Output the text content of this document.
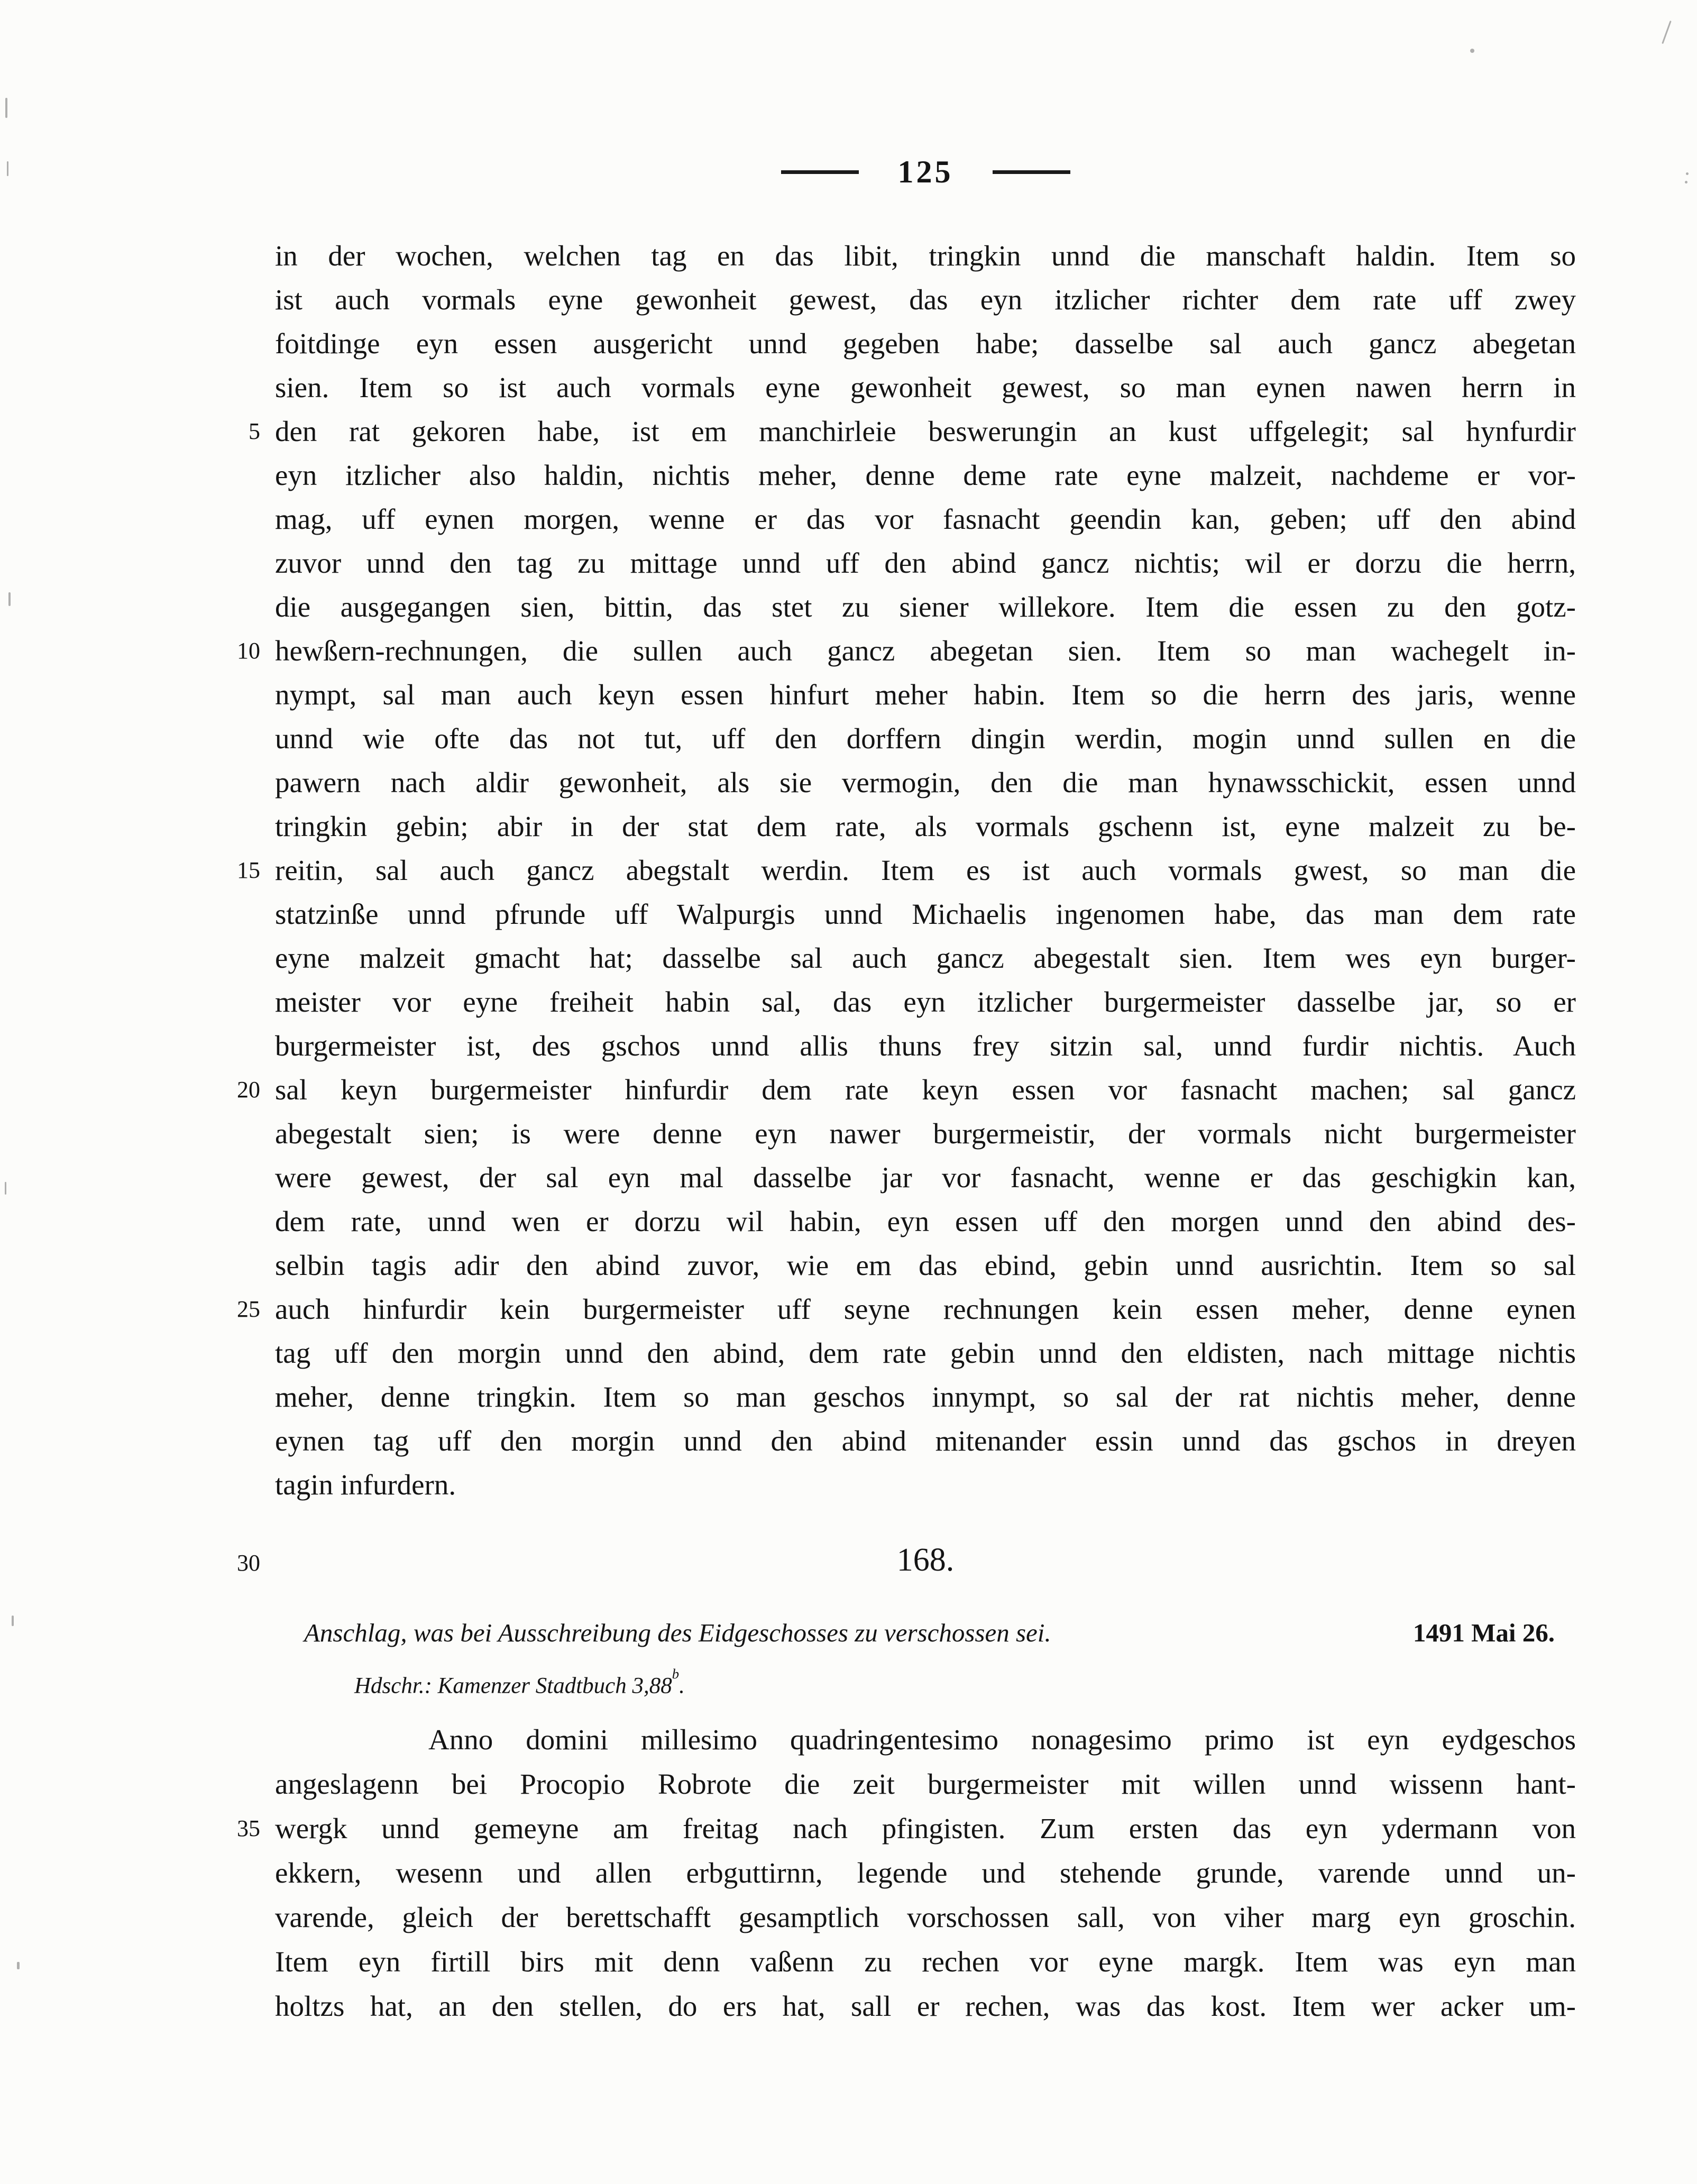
125
in der wochen, welchen tag en das libit, tringkin unnd die manschaft haldin. Item so
ist auch vormals eyne gewonheit gewest, das eyn itzlicher richter dem rate uff zwey
foitdinge eyn essen ausgericht unnd gegeben habe; dasselbe sal auch gancz abegetan
sien. Item so ist auch vormals eyne gewonheit gewest, so man eynen nawen herrn in
5 den rat gekoren habe, ist em manchirleie beswerungin an kust uffgelegit; sal hynfurdir
eyn itzlicher also haldin, nichtis meher, denne deme rate eyne malzeit, nachdeme er vor-
mag, uff eynen morgen, wenne er das vor fasnacht geendin kan, geben; uff den abind
zuvor unnd den tag zu mittage unnd uff den abind gancz nichtis; wil er dorzu die herrn,
die ausgegangen sien, bittin, das stet zu siener willekore. Item die essen zu den gotz-
10 hewßern-rechnungen, die sullen auch gancz abegetan sien. Item so man wachegelt in-
nympt, sal man auch keyn essen hinfurt meher habin. Item so die herrn des jaris, wenne
unnd wie ofte das not tut, uff den dorffern dingin werdin, mogin unnd sullen en die
pawern nach aldir gewonheit, als sie vermogin, den die man hynawsschickit, essen unnd
tringkin gebin; abir in der stat dem rate, als vormals gschenn ist, eyne malzeit zu be-
15 reitin, sal auch gancz abegstalt werdin. Item es ist auch vormals gwest, so man die
statzinße unnd pfrunde uff Walpurgis unnd Michaelis ingenomen habe, das man dem rate
eyne malzeit gmacht hat; dasselbe sal auch gancz abegestalt sien. Item wes eyn burger-
meister vor eyne freiheit habin sal, das eyn itzlicher burgermeister dasselbe jar, so er
burgermeister ist, des gschos unnd allis thuns frey sitzin sal, unnd furdir nichtis. Auch
20 sal keyn burgermeister hinfurdir dem rate keyn essen vor fasnacht machen; sal gancz
abegestalt sien; is were denne eyn nawer burgermeistir, der vormals nicht burgermeister
were gewest, der sal eyn mal dasselbe jar vor fasnacht, wenne er das geschigkin kan,
dem rate, unnd wen er dorzu wil habin, eyn essen uff den morgen unnd den abind des-
selbin tagis adir den abind zuvor, wie em das ebind, gebin unnd ausrichtin. Item so sal
25 auch hinfurdir kein burgermeister uff seyne rechnungen kein essen meher, denne eynen
tag uff den morgin unnd den abind, dem rate gebin unnd den eldisten, nach mittage nichtis
meher, denne tringkin. Item so man geschos innympt, so sal der rat nichtis meher, denne
eynen tag uff den morgin unnd den abind mitenander essin unnd das gschos in dreyen
tagin infurdern.
30	168.
Anschlag, was bei Ausschreibung des Eidgeschosses zu verschossen sei.	1491 Mai 26.
Hdschr.: Kamenzer Stadtbuch 3,88$^b$.
Anno domini millesimo quadringentesimo nonagesimo primo ist eyn eydgeschos
angeslagenn bei Procopio Robrote die zeit burgermeister mit willen unnd wissenn hant-
35 wergk unnd gemeyne am freitag nach pfingisten. Zum ersten das eyn ydermann von
ekkern, wesenn und allen erbguttirnn, legende und stehende grunde, varende unnd un-
varende, gleich der berettschafft gesamptlich vorschossen sall, von viher marg eyn groschin.
Item eyn firtill birs mit denn vaßenn zu rechen vor eyne margk. Item was eyn man
holtzs hat, an den stellen, do ers hat, sall er rechen, was das kost. Item wer acker um-
